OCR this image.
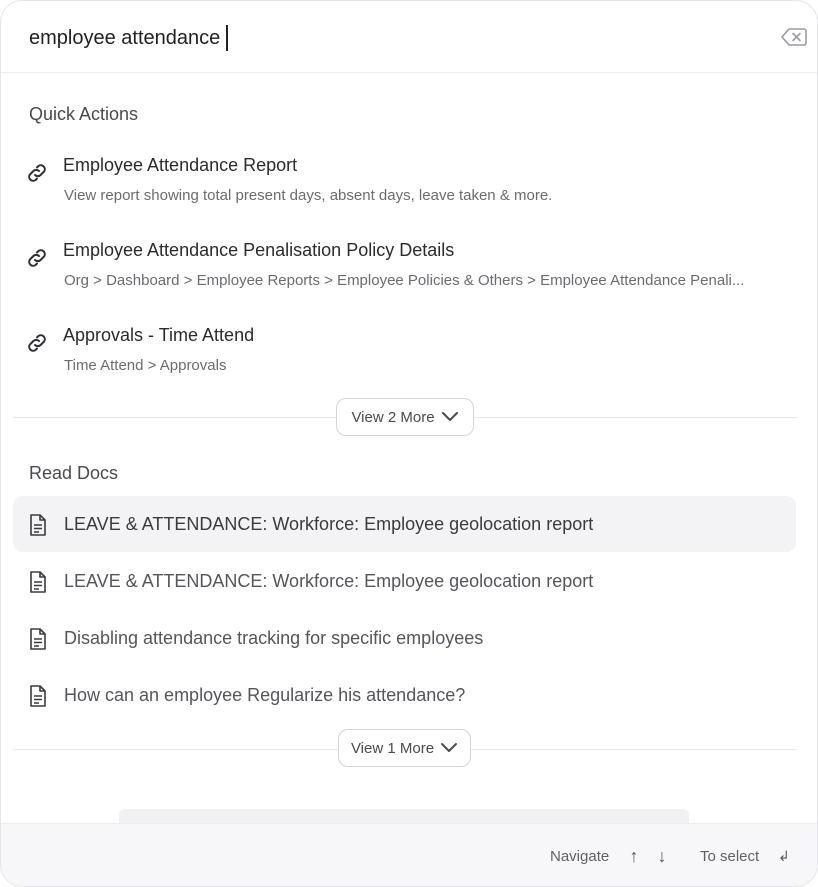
employee attendance
Quick Actions
Employee Attendance Report
View report showing total present days, absent days, leave taken & more.
Employee Attendance Penalisation Policy Details
Org > Dashboard > Employee Reports > Employee Policies & Others > Employee Attendance Penali...
Approvals - Time Attend
Time Attend > Approvals
View 2 More
Read Docs
LEAVE & ATTENDANCE: Workforce: Employee geolocation report
LEAVE & ATTENDANCE: Workforce: Employee geolocation report
Disabling attendance tracking for specific employees
How can an employee Regularize his attendance?
View 1 More
Navigate	↑	↓	To select	↲
